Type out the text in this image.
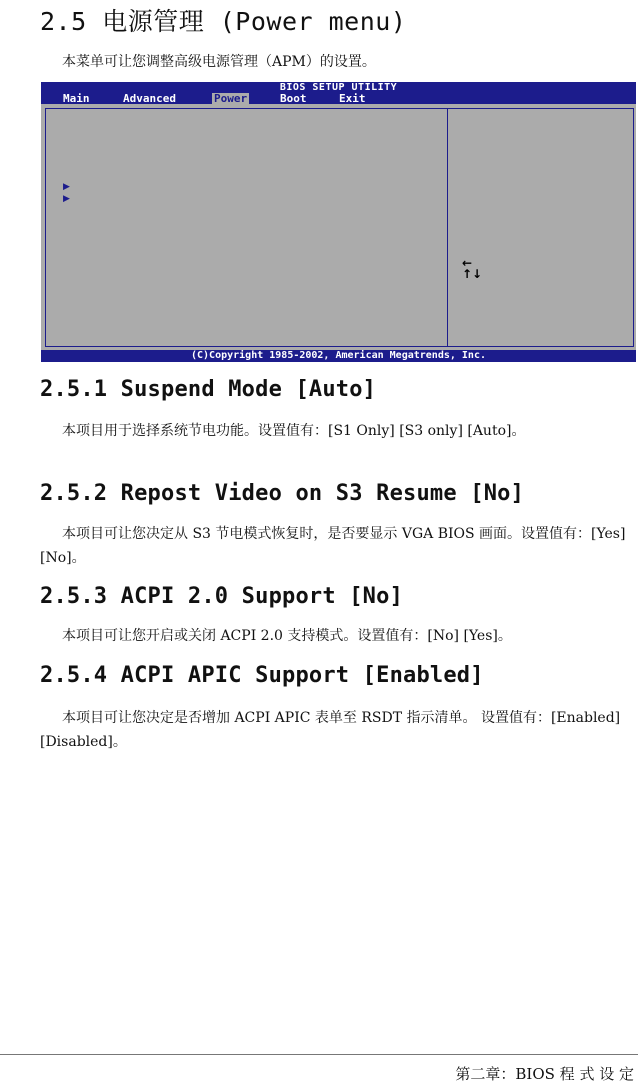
2.5 电源管理 (Power menu)
本菜单可让您调整高级电源管理（APM）的设置。
BIOS SETUP UTILITY
Main	Advanced	Power	Boot	Exit
▶
▶
←
↑↓
(C)Copyright 1985-2002, American Megatrends, Inc.
2.5.1 Suspend Mode [Auto]
本项目用于选择系统节电功能。设置值有：[S1 Only] [S3 only] [Auto]。
2.5.2 Repost Video on S3 Resume [No]
本项目可让您决定从 S3 节电模式恢复时，是否要显示 VGA BIOS 画面。设置值有：[Yes] [No]。
2.5.3 ACPI 2.0 Support [No]
本项目可让您开启或关闭 ACPI 2.0 支持模式。设置值有：[No] [Yes]。
2.5.4 ACPI APIC Support [Enabled]
本项目可让您决定是否增加 ACPI APIC 表单至 RSDT 指示清单。 设置值有：[Enabled] [Disabled]。
第二章：BIOS 程 式 设 定
